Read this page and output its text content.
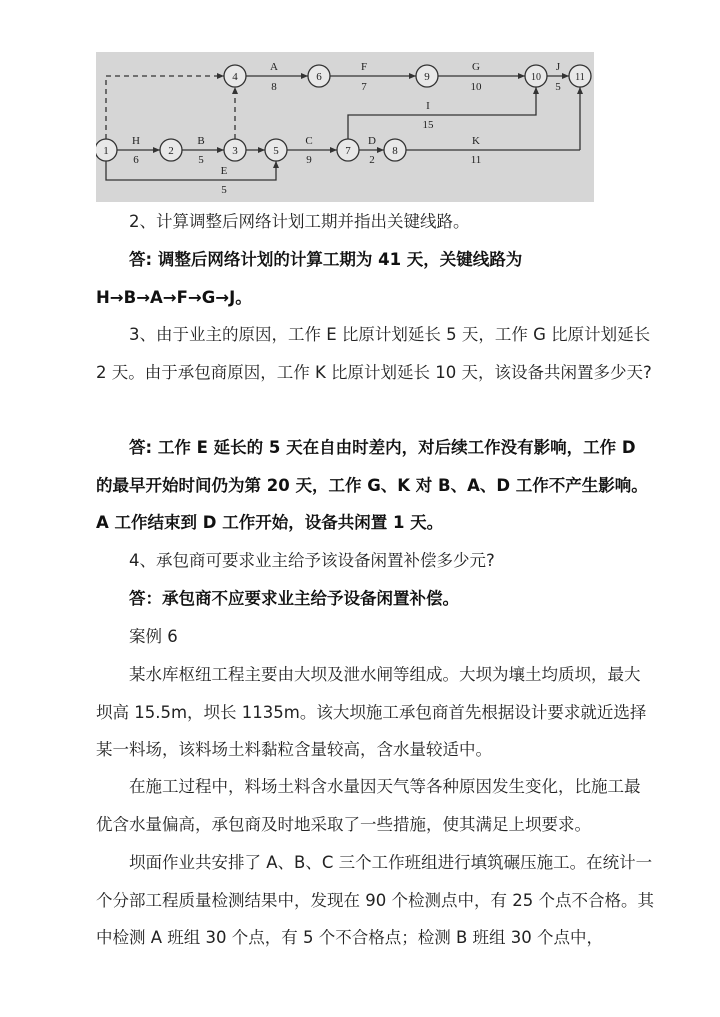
1	2	3
4
5
6
7	8
9	10	11
A
8
F
7
G
10
J
5
H
6
B
5
C
9
D
2
I
15
K
11
E
5

2、计算调整后网络计划工期并指出关键线路。

答: 调整后网络计划的计算工期为 41 天，关键线路为 H→B→A→F→G→J。

3、由于业主的原因，工作 E 比原计划延长 5 天，工作 G 比原计划延长 2 天。由于承包商原因，工作 K 比原计划延长 10 天，该设备共闲置多少天?

答: 工作 E 延长的 5 天在自由时差内，对后续工作没有影响，工作 D 的最早开始时间仍为第 20 天，工作 G、K 对 B、A、D 工作不产生影响。A 工作结束到 D 工作开始，设备共闲置 1 天。

4、承包商可要求业主给予该设备闲置补偿多少元?

答：承包商不应要求业主给予设备闲置补偿。

案例 6

某水库枢纽工程主要由大坝及泄水闸等组成。大坝为壤土均质坝，最大坝高 15.5m，坝长 1135m。该大坝施工承包商首先根据设计要求就近选择某一料场，该料场土料黏粒含量较高，含水量较适中。

在施工过程中，料场土料含水量因天气等各种原因发生变化，比施工最优含水量偏高，承包商及时地采取了一些措施，使其满足上坝要求。

坝面作业共安排了 A、B、C 三个工作班组进行填筑碾压施工。在统计一个分部工程质量检测结果中，发现在 90 个检测点中，有 25 个点不合格。其中检测 A 班组 30 个点，有 5 个不合格点；检测 B 班组 30 个点中，
